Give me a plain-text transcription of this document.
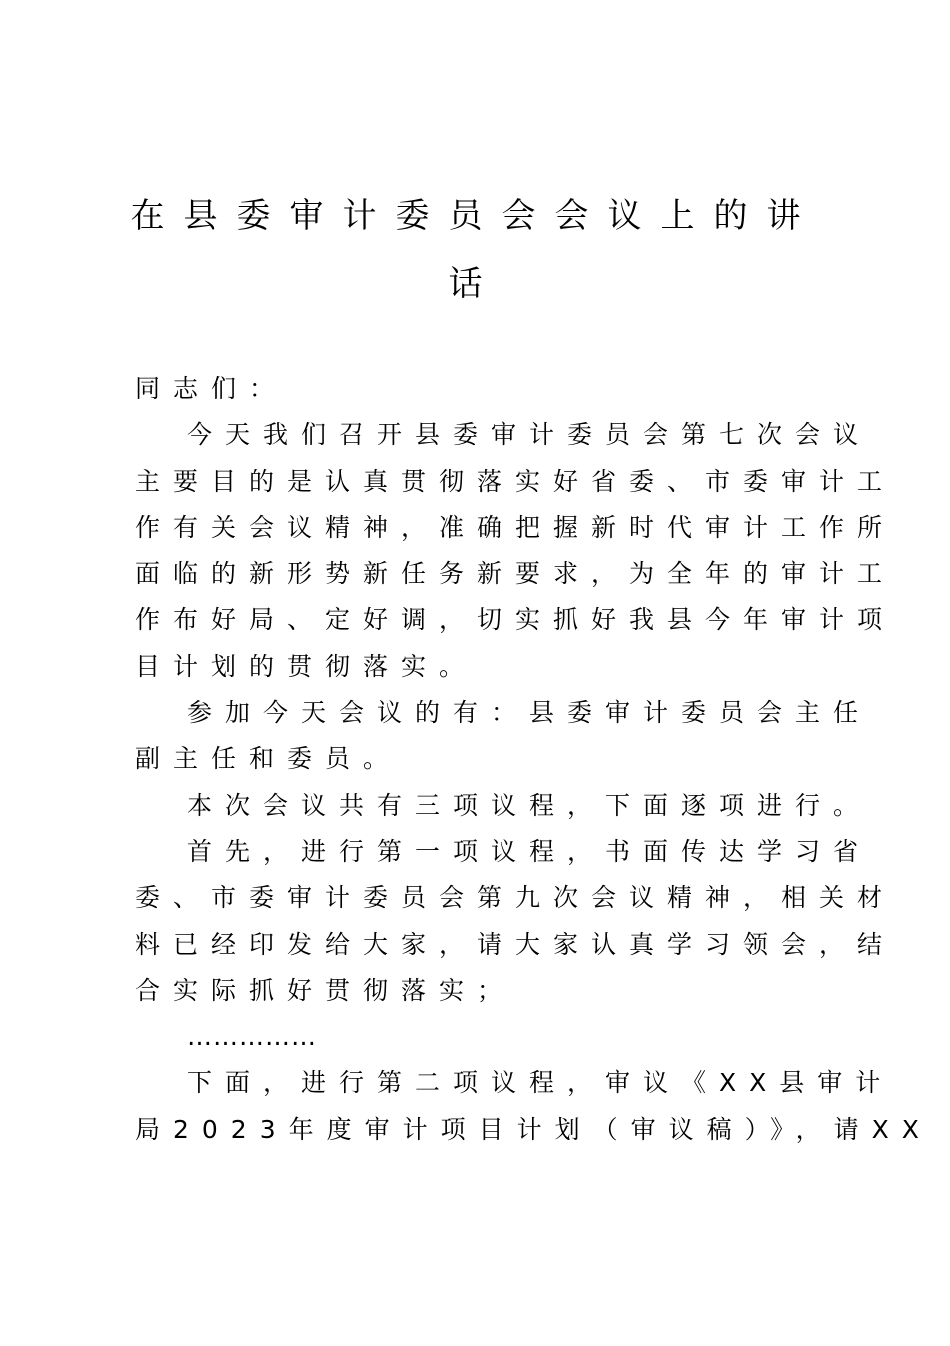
在县委审计委员会会议上的讲
话
同志们：
今天我们召开县委审计委员会第七次会议
主要目的是认真贯彻落实好省委、市委审计工
作有关会议精神，准确把握新时代审计工作所
面临的新形势新任务新要求，为全年的审计工
作布好局、定好调，切实抓好我县今年审计项
目计划的贯彻落实。
参加今天会议的有：县委审计委员会主任
副主任和委员。
本次会议共有三项议程，下面逐项进行。
首先，进行第一项议程，书面传达学习省
委、市委审计委员会第九次会议精神，相关材
料已经印发给大家，请大家认真学习领会，结
合实际抓好贯彻落实；
……………
下面，进行第二项议程，审议《XX县审计
局2023年度审计项目计划（审议稿）》，请XX
